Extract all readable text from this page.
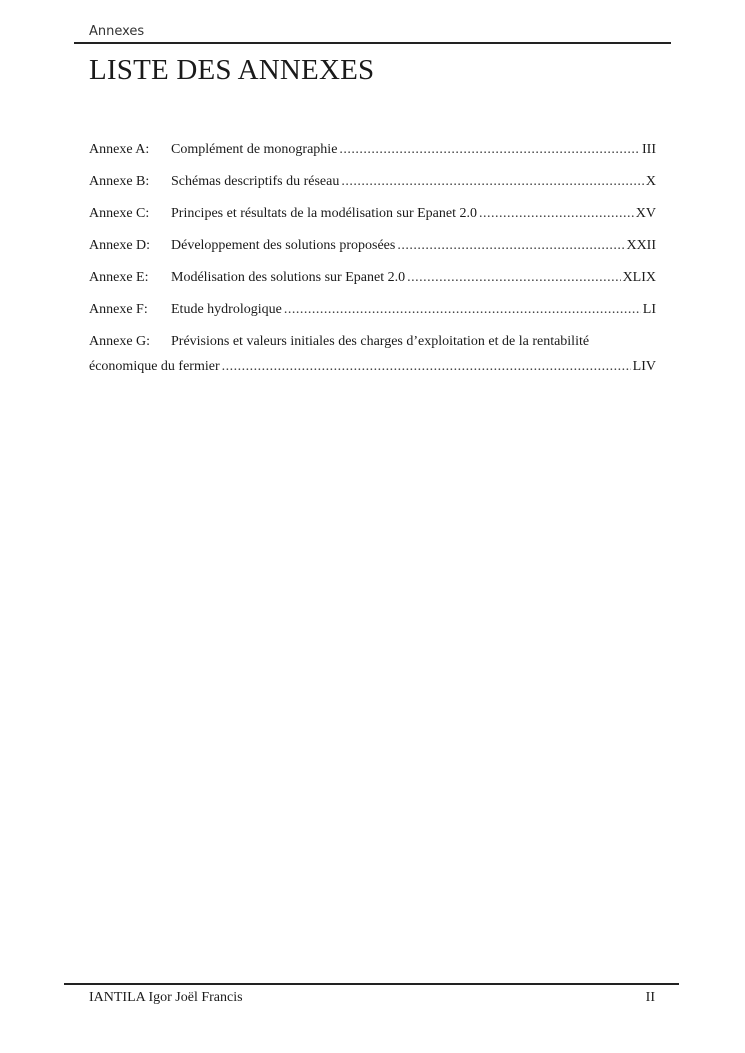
Annexes
LISTE DES ANNEXES
Annexe A:	Complément de monographie .....	III
Annexe B:	Schémas descriptifs du réseau .....	X
Annexe C:	Principes et résultats de la modélisation sur Epanet 2.0 .....	XV
Annexe D:	Développement des solutions proposées .....	XXII
Annexe E:	Modélisation des solutions sur Epanet 2.0 .....	XLIX
Annexe F:	Etude hydrologique .....	LI
Annexe G:	Prévisions et valeurs initiales des charges d’exploitation et de la rentabilité
économique du fermier .....	LIV
IANTILA Igor Joël Francis	II
